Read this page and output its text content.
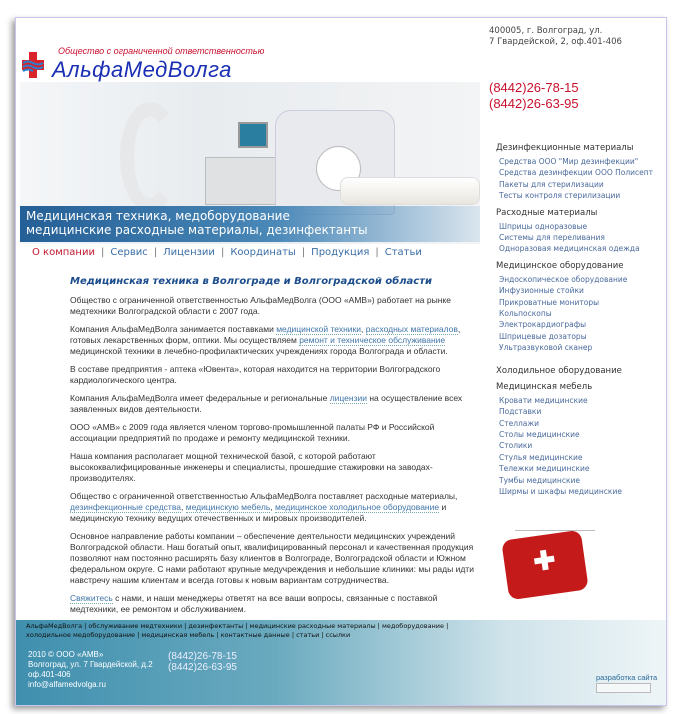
Общество с ограниченной ответственностью
АльфаМедВолга
Медицинская техника, медоборудование
медицинские расходные материалы, дезинфектанты
О компании | Сервис | Лицензии | Координаты | Продукция | Статьи
400005, г. Волгоград, ул.
7 Гвардейской, 2, оф.401-406
(8442)26-78-15
(8442)26-63-95
Дезинфекционные материалы
Средства ООО "Мир дезинфекции"
Средства дезинфекции ООО Полисепт
Пакеты для стерилизации
Тесты контроля стерилизации
Расходные материалы
Шприцы одноразовые
Системы для переливания
Одноразовая медицинская одежда
Медицинское оборудование
Эндоскопическое оборудование
Инфузионные стойки
Прикроватные мониторы
Кольпоскопы
Электрокардиографы
Шприцевые дозаторы
Ультразвуковой сканер
Холодильное оборудование
Медицинская мебель
Кровати медицинские
Подставки
Стеллажи
Столы медицинские
Столики
Стулья медицинские
Тележки медицинские
Тумбы медицинские
Ширмы и шкафы медицинские
Медицинская техника в Волгограде и Волгоградской области

Общество с ограниченной ответственностью АльфаМедВолга (ООО «АМВ») работает на рынке медтехники Волгоградской области с 2007 года.

Компания АльфаМедВолга занимается поставками медицинской техники, расходных материалов, готовых лекарственных форм, оптики. Мы осуществляем ремонт и техническое обслуживание медицинской техники в лечебно-профилактических учреждениях города Волгограда и области.

В составе предприятия - аптека «Ювента», которая находится на территории Волгоградского кардиологического центра.

Компания АльфаМедВолга имеет федеральные и региональные лицензии на осуществление всех заявленных видов деятельности.

ООО «АМВ» с 2009 года является членом торгово-промышленной палаты РФ и Российской ассоциации предприятий по продаже и ремонту медицинской техники.

Наша компания располагает мощной технической базой, с которой работают высококвалифицированные инженеры и специалисты, прошедшие стажировки на заводах-производителях.

Общество с ограниченной ответственностью АльфаМедВолга поставляет расходные материалы, дезинфекционные средства, медицинскую мебель, медицинское холодильное оборудование и медицинскую технику ведущих отечественных и мировых производителей.

Основное направление работы компании – обеспечение деятельности медицинских учреждений Волгоградской области. Наш богатый опыт, квалифицированный персонал и качественная продукция позволяют нам постоянно расширять базу клиентов в Волгограде, Волгоградской области и Южном федеральном округе. С нами работают крупные медучреждения и небольшие клиники: мы рады идти навстречу нашим клиентам и всегда готовы к новым вариантам сотрудничества.

Свяжитесь с нами, и наши менеджеры ответят на все ваши вопросы, связанные с поставкой медтехники, ее ремонтом и обслуживанием.

АльфаМедВолга | обслуживание медтехники | дезинфектанты | медицинские расходные материалы | медоборудование | холодильное медоборудование | медицинская мебель | контактные данные | статьи | ссылки
2010 © ООО «АМВ»
Волгоград, ул. 7 Гвардейской, д.2
оф.401-406
info@alfamedvolga.ru
(8442)26-78-15
(8442)26-63-95
разработка сайта
